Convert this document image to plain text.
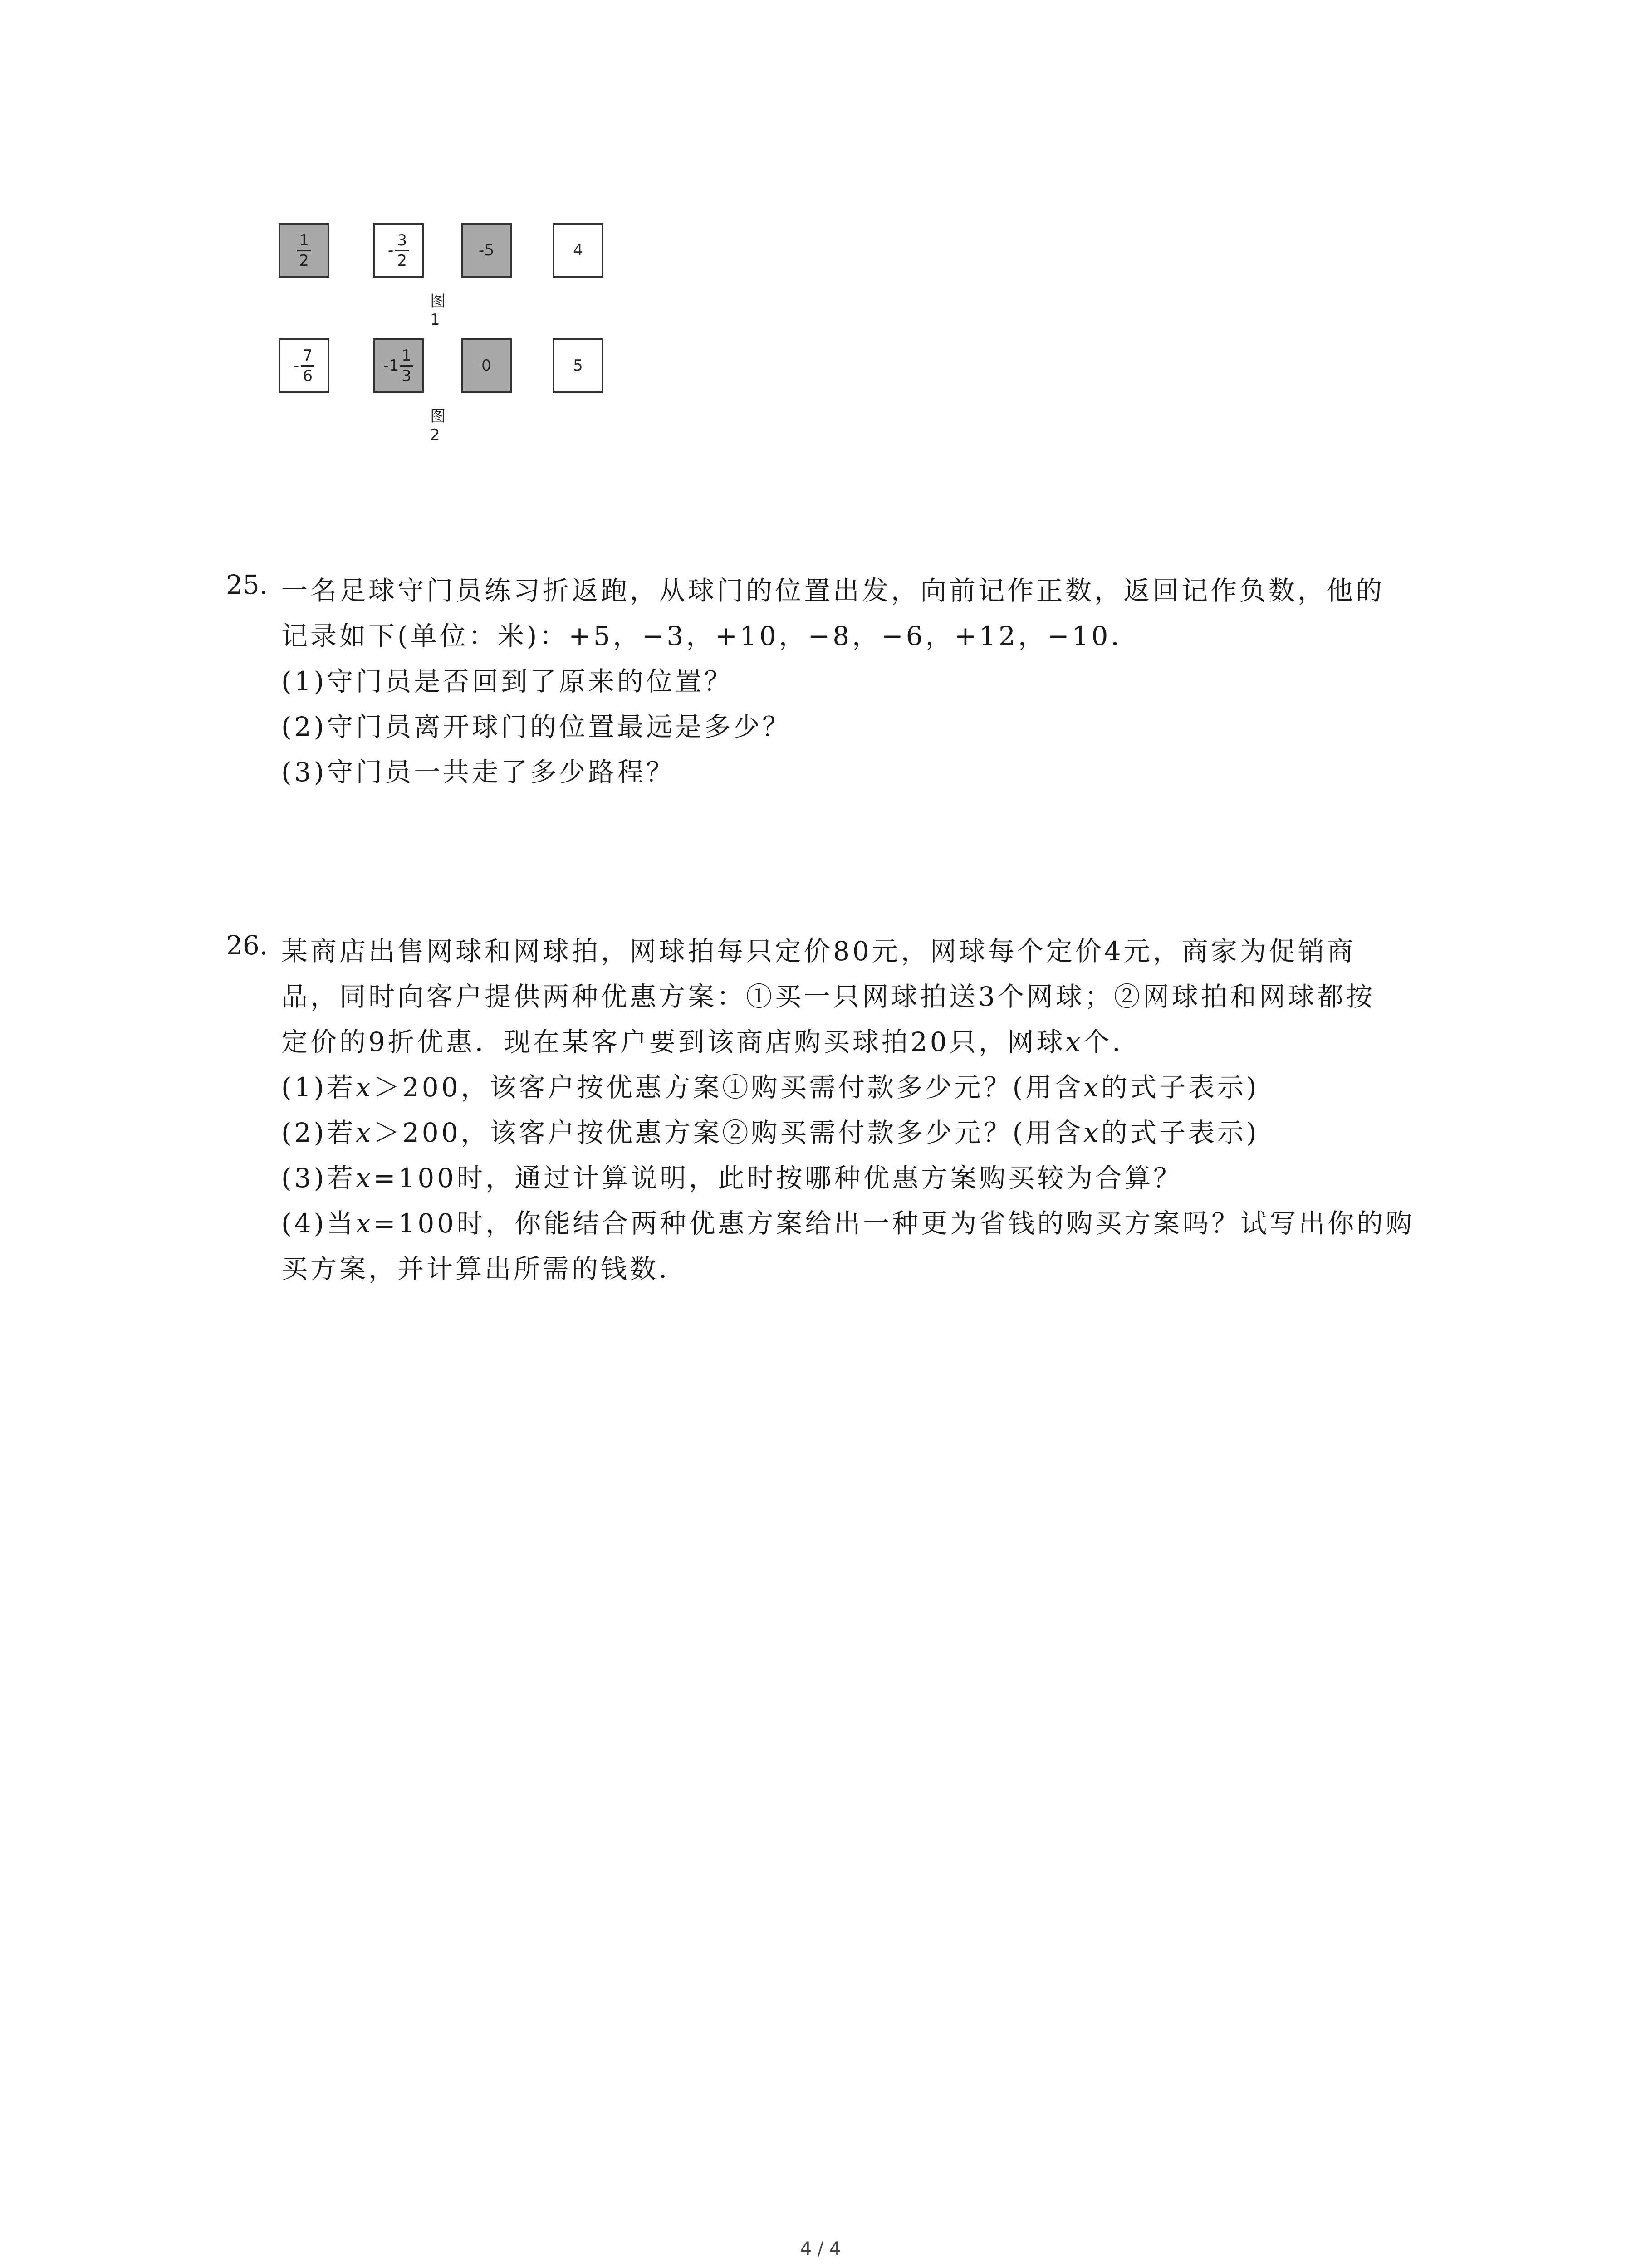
$\frac{1}{2}$	- $\frac{3}{2}$	-5	4
图1
- $\frac{7}{6}$	$-1 \frac{1}{3}$	0	5
图2
25. 一名足球守门员练习折返跑，从球门的位置出发，向前记作正数，返回记作负数，他的
记录如下(单位：米)：+5，−3，+10，−8，−6，+12，−10．
(1)守门员是否回到了原来的位置？
(2)守门员离开球门的位置最远是多少？
(3)守门员一共走了多少路程？
26. 某商店出售网球和网球拍，网球拍每只定价80元，网球每个定价4元，商家为促销商
品，同时向客户提供两种优惠方案：①买一只网球拍送3个网球；②网球拍和网球都按
定价的9折优惠．现在某客户要到该商店购买球拍20只，网球x个．
(1)若x＞200，该客户按优惠方案①购买需付款多少元？(用含x的式子表示)
(2)若x＞200，该客户按优惠方案②购买需付款多少元？(用含x的式子表示)
(3)若x=100时，通过计算说明，此时按哪种优惠方案购买较为合算？
(4)当x=100时，你能结合两种优惠方案给出一种更为省钱的购买方案吗？试写出你的购
买方案，并计算出所需的钱数．
4 / 4
